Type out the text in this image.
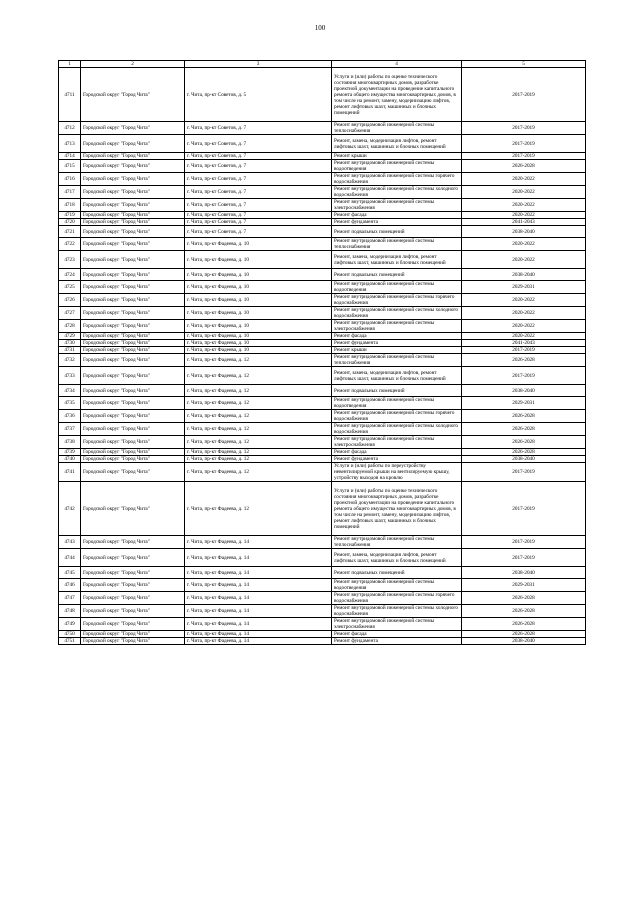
100
1	2	3	4	5
4711	Городской округ "Город Чита"	г. Чита, пр-кт Советов, д. 5	Услуги и (или) работы по оценке технического состояния многоквартирных домов, разработке проектной документации на проведение капитального ремонта общего имущества многоквартирных домов, в том числе на ремонт, замену, модернизацию лифтов, ремонт лифтовых шахт, машинных и блочных помещений	2017-2019
4712	Городской округ "Город Чита"	г. Чита, пр-кт Советов, д. 7	Ремонт внутридомовой инженерной системы теплоснабжения	2017-2019
4713	Городской округ "Город Чита"	г. Чита, пр-кт Советов, д. 7	Ремонт, замена, модернизация лифтов, ремонт лифтовых шахт, машинных и блочных помещений	2017-2019
4714	Городской округ "Город Чита"	г. Чита, пр-кт Советов, д. 7	Ремонт крыши	2017-2019
4715	Городской округ "Город Чита"	г. Чита, пр-кт Советов, д. 7	Ремонт внутридомовой инженерной системы водоотведения	2026-2028
4716	Городской округ "Город Чита"	г. Чита, пр-кт Советов, д. 7	Ремонт внутридомовой инженерной системы горячего водоснабжения	2020-2022
4717	Городской округ "Город Чита"	г. Чита, пр-кт Советов, д. 7	Ремонт внутридомовой инженерной системы холодного водоснабжения	2020-2022
4718	Городской округ "Город Чита"	г. Чита, пр-кт Советов, д. 7	Ремонт внутридомовой инженерной системы электроснабжения	2020-2022
4719	Городской округ "Город Чита"	г. Чита, пр-кт Советов, д. 7	Ремонт фасада	2020-2022
4720	Городской округ "Город Чита"	г. Чита, пр-кт Советов, д. 7	Ремонт фундамента	2041-2043
4721	Городской округ "Город Чита"	г. Чита, пр-кт Советов, д. 7	Ремонт подвальных помещений	2038-2040
4722	Городской округ "Город Чита"	г. Чита, пр-кт Фадеева, д. 10	Ремонт внутридомовой инженерной системы теплоснабжения	2020-2022
4723	Городской округ "Город Чита"	г. Чита, пр-кт Фадеева, д. 10	Ремонт, замена, модернизация лифтов, ремонт лифтовых шахт, машинных и блочных помещений	2020-2022
4724	Городской округ "Город Чита"	г. Чита, пр-кт Фадеева, д. 10	Ремонт подвальных помещений	2038-2040
4725	Городской округ "Город Чита"	г. Чита, пр-кт Фадеева, д. 10	Ремонт внутридомовой инженерной системы водоотведения	2029-2031
4726	Городской округ "Город Чита"	г. Чита, пр-кт Фадеева, д. 10	Ремонт внутридомовой инженерной системы горячего водоснабжения	2020-2022
4727	Городской округ "Город Чита"	г. Чита, пр-кт Фадеева, д. 10	Ремонт внутридомовой инженерной системы холодного водоснабжения	2020-2022
4728	Городской округ "Город Чита"	г. Чита, пр-кт Фадеева, д. 10	Ремонт внутридомовой инженерной системы электроснабжения	2020-2022
4729	Городской округ "Город Чита"	г. Чита, пр-кт Фадеева, д. 10	Ремонт фасада	2020-2022
4730	Городской округ "Город Чита"	г. Чита, пр-кт Фадеева, д. 10	Ремонт фундамента	2041-2043
4731	Городской округ "Город Чита"	г. Чита, пр-кт Фадеева, д. 10	Ремонт крыши	2017-2019
4732	Городской округ "Город Чита"	г. Чита, пр-кт Фадеева, д. 12	Ремонт внутридомовой инженерной системы теплоснабжения	2026-2028
4733	Городской округ "Город Чита"	г. Чита, пр-кт Фадеева, д. 12	Ремонт, замена, модернизация лифтов, ремонт лифтовых шахт, машинных и блочных помещений	2017-2019
4734	Городской округ "Город Чита"	г. Чита, пр-кт Фадеева, д. 12	Ремонт подвальных помещений	2038-2040
4735	Городской округ "Город Чита"	г. Чита, пр-кт Фадеева, д. 12	Ремонт внутридомовой инженерной системы водоотведения	2029-2031
4736	Городской округ "Город Чита"	г. Чита, пр-кт Фадеева, д. 12	Ремонт внутридомовой инженерной системы горячего водоснабжения	2026-2028
4737	Городской округ "Город Чита"	г. Чита, пр-кт Фадеева, д. 12	Ремонт внутридомовой инженерной системы холодного водоснабжения	2026-2028
4738	Городской округ "Город Чита"	г. Чита, пр-кт Фадеева, д. 12	Ремонт внутридомовой инженерной системы электроснабжения	2026-2028
4739	Городской округ "Город Чита"	г. Чита, пр-кт Фадеева, д. 12	Ремонт фасада	2026-2028
4740	Городской округ "Город Чита"	г. Чита, пр-кт Фадеева, д. 12	Ремонт фундамента	2038-2040
4741	Городской округ "Город Чита"	г. Чита, пр-кт Фадеева, д. 12	Услуги и (или) работы по переустройству невентилируемой крыши на вентилируемую крышу, устройству выходов на кровлю	2017-2019
4742	Городской округ "Город Чита"	г. Чита, пр-кт Фадеева, д. 12	Услуги и (или) работы по оценке технического состояния многоквартирных домов, разработке проектной документации на проведение капитального ремонта общего имущества многоквартирных домов, в том числе на ремонт, замену, модернизацию лифтов, ремонт лифтовых шахт, машинных и блочных помещений	2017-2019
4743	Городской округ "Город Чита"	г. Чита, пр-кт Фадеева, д. 14	Ремонт внутридомовой инженерной системы теплоснабжения	2017-2019
4744	Городской округ "Город Чита"	г. Чита, пр-кт Фадеева, д. 14	Ремонт, замена, модернизация лифтов, ремонт лифтовых шахт, машинных и блочных помещений	2017-2019
4745	Городской округ "Город Чита"	г. Чита, пр-кт Фадеева, д. 14	Ремонт подвальных помещений	2038-2040
4746	Городской округ "Город Чита"	г. Чита, пр-кт Фадеева, д. 14	Ремонт внутридомовой инженерной системы водоотведения	2029-2031
4747	Городской округ "Город Чита"	г. Чита, пр-кт Фадеева, д. 14	Ремонт внутридомовой инженерной системы горячего водоснабжения	2026-2028
4748	Городской округ "Город Чита"	г. Чита, пр-кт Фадеева, д. 14	Ремонт внутридомовой инженерной системы холодного водоснабжения	2026-2028
4749	Городской округ "Город Чита"	г. Чита, пр-кт Фадеева, д. 14	Ремонт внутридомовой инженерной системы электроснабжения	2026-2028
4750	Городской округ "Город Чита"	г. Чита, пр-кт Фадеева, д. 14	Ремонт фасада	2026-2028
4751	Городской округ "Город Чита"	г. Чита, пр-кт Фадеева, д. 14	Ремонт фундамента	2038-2040
